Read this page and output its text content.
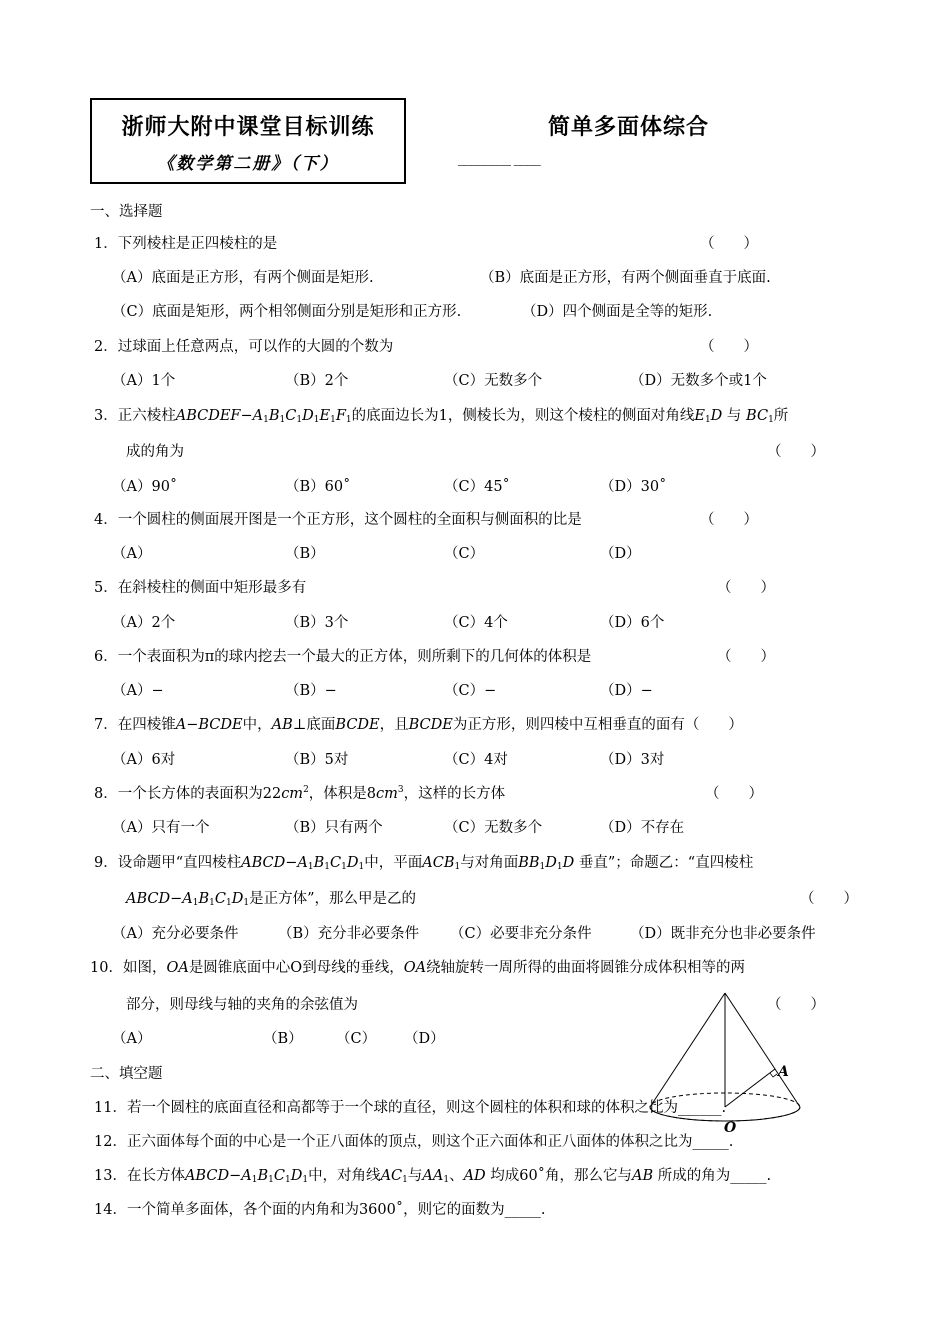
浙师大附中课堂目标训练
《数学第二册》（下）
简单多面体综合
________ ____
一、选择题
1．下列棱柱是正四棱柱的是	（　　）
（A）底面是正方形，有两个侧面是矩形.	（B）底面是正方形，有两个侧面垂直于底面.
（C）底面是矩形，两个相邻侧面分别是矩形和正方形.	（D）四个侧面是全等的矩形.
2．过球面上任意两点，可以作的大圆的个数为	（　　）
（A）1个	（B）2个	（C）无数多个	（D）无数多个或1个
3．正六棱柱$ABCDEF-A_1B_1C_1D_1E_1F_1$的底面边长为1，侧棱长为，则这个棱柱的侧面对角线$E_1D$ 与 $BC_1$所
成的角为	（　　）
（A）90˚	（B）60˚	（C）45˚	（D）30˚
4．一个圆柱的侧面展开图是一个正方形，这个圆柱的全面积与侧面积的比是	（　　）
（A）	（B）	（C）	（D）
5．在斜棱柱的侧面中矩形最多有	（　　）
（A）2个	（B）3个	（C）4个	（D）6个
6．一个表面积为π的球内挖去一个最大的正方体，则所剩下的几何体的体积是	（　　）
（A）−	（B）−	（C）−	（D）−
7．在四棱锥A−BCDE中，AB⊥底面BCDE，且BCDE为正方形，则四棱中互相垂直的面有（　　）
（A）6对	（B）5对	（C）4对	（D）3对
8．一个长方体的表面积为$22cm^2$，体积是$8cm^3$，这样的长方体	（　　）
（A）只有一个	（B）只有两个	（C）无数多个	（D）不存在
9．设命题甲“直四棱柱$ABCD-A_1B_1C_1D_1$中，平面$ACB_1$与对角面$BB_1D_1D$ 垂直”；命题乙：“直四棱柱
$ABCD-A_1B_1C_1D_1$是正方体”，那么甲是乙的	（　　）
（A）充分必要条件	（B）充分非必要条件 （C）必要非充分条件	（D）既非充分也非必要条件
10．如图，OA是圆锥底面中心O到母线的垂线，OA绕轴旋转一周所得的曲面将圆锥分成体积相等的两
部分，则母线与轴的夹角的余弦值为	（　　）
（A）	（B） （C） （D）
A
O
二、填空题
11．若一个圆柱的底面直径和高都等于一个球的直径，则这个圆柱的体积和球的体积之比为______.
12．正六面体每个面的中心是一个正八面体的顶点，则这个正六面体和正八面体的体积之比为_____.
13．在长方体$ABCD-A_1B_1C_1D_1$中，对角线$AC_1$与$AA_1$、AD 均成60˚角，那么它与AB 所成的角为_____.
14．一个简单多面体，各个面的内角和为3600˚，则它的面数为_____.
